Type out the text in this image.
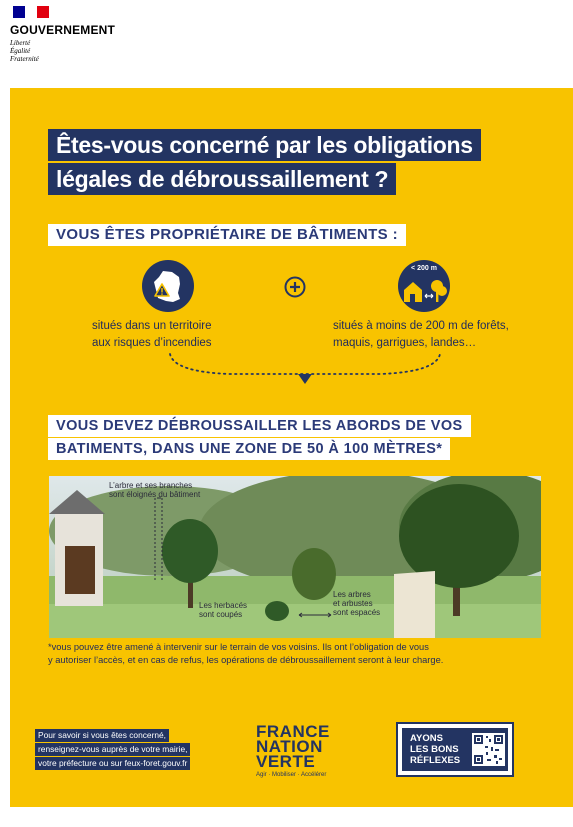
GOUVERNEMENT
Liberté
Égalité
Fraternité
Êtes-vous concerné par les obligations
légales de débroussaillement ?
VOUS ÊTES PROPRIÉTAIRE DE BÂTIMENTS :
< 200 m
situés dans un territoire
aux risques d’incendies
situés à moins de 200 m de forêts,
maquis, garrigues, landes…
VOUS DEVEZ DÉBROUSSAILLER LES ABORDS DE VOS
BATIMENTS, DANS UNE ZONE DE 50 À 100 MÈTRES*
L’arbre et ses branches
sont éloignés du bâtiment
Les herbacés
sont coupés
Les arbres
et arbustes
sont espacés
*vous pouvez être amené à intervenir sur le terrain de vos voisins. Ils ont l’obligation de vous
y autoriser l’accès, et en cas de refus, les opérations de débroussaillement seront à leur charge.
Pour savoir si vous êtes concerné,
renseignez-vous auprès de votre mairie,
votre préfecture ou sur feux-foret.gouv.fr
FRANCE
NATION
VERTE
Agir · Mobiliser · Accélérer
AYONS
LES BONS
RÉFLEXES
